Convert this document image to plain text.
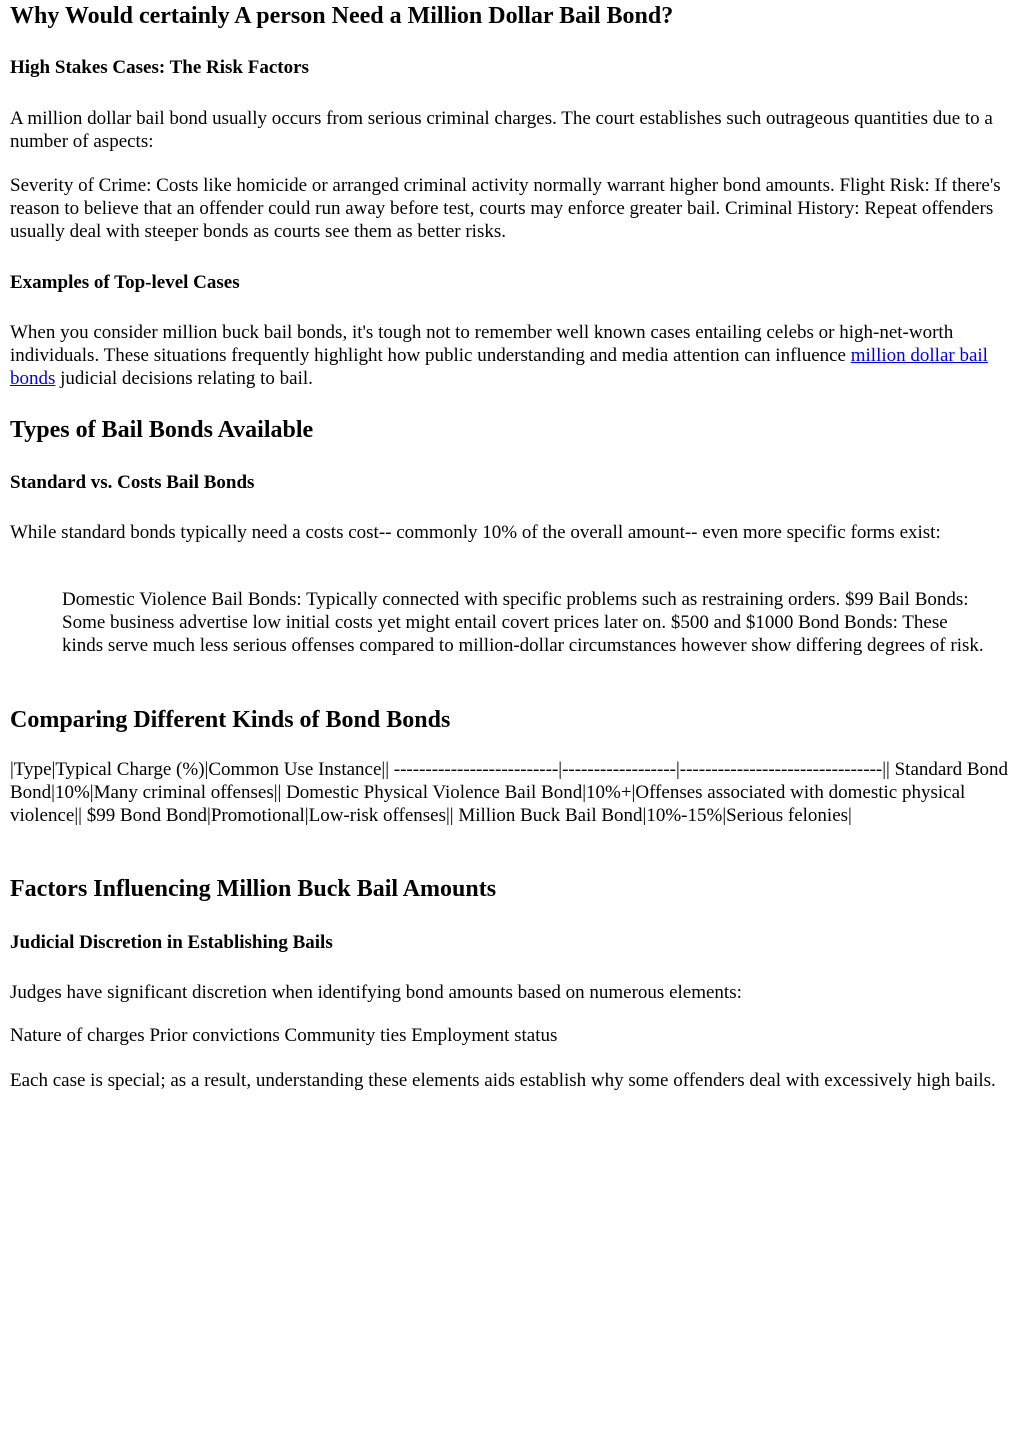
Why Would certainly A person Need a Million Dollar Bail Bond?
High Stakes Cases: The Risk Factors

A million dollar bail bond usually occurs from serious criminal charges. The court establishes such outrageous quantities due to a number of aspects:

Severity of Crime: Costs like homicide or arranged criminal activity normally warrant higher bond amounts. Flight Risk: If there's reason to believe that an offender could run away before test, courts may enforce greater bail. Criminal History: Repeat offenders usually deal with steeper bonds as courts see them as better risks.

Examples of Top-level Cases

When you consider million buck bail bonds, it's tough not to remember well known cases entailing celebs or high-net-worth individuals. These situations frequently highlight how public understanding and media attention can influence million dollar bail bonds judicial decisions relating to bail.

Types of Bail Bonds Available
Standard vs. Costs Bail Bonds

While standard bonds typically need a costs cost-- commonly 10% of the overall amount-- even more specific forms exist:

Domestic Violence Bail Bonds: Typically connected with specific problems such as restraining orders. $99 Bail Bonds: Some business advertise low initial costs yet might entail covert prices later on. $500 and $1000 Bond Bonds: These kinds serve much less serious offenses compared to million-dollar circumstances however show differing degrees of risk.
Comparing Different Kinds of Bond Bonds

|Type|Typical Charge (%)|Common Use Instance|| --------------------------|------------------|--------------------------------|| Standard Bond Bond|10%|Many criminal offenses|| Domestic Physical Violence Bail Bond|10%+|Offenses associated with domestic physical violence|| $99 Bond Bond|Promotional|Low-risk offenses|| Million Buck Bail Bond|10%-15%|Serious felonies|

Factors Influencing Million Buck Bail Amounts
Judicial Discretion in Establishing Bails

Judges have significant discretion when identifying bond amounts based on numerous elements:

Nature of charges Prior convictions Community ties Employment status

Each case is special; as a result, understanding these elements aids establish why some offenders deal with excessively high bails.
